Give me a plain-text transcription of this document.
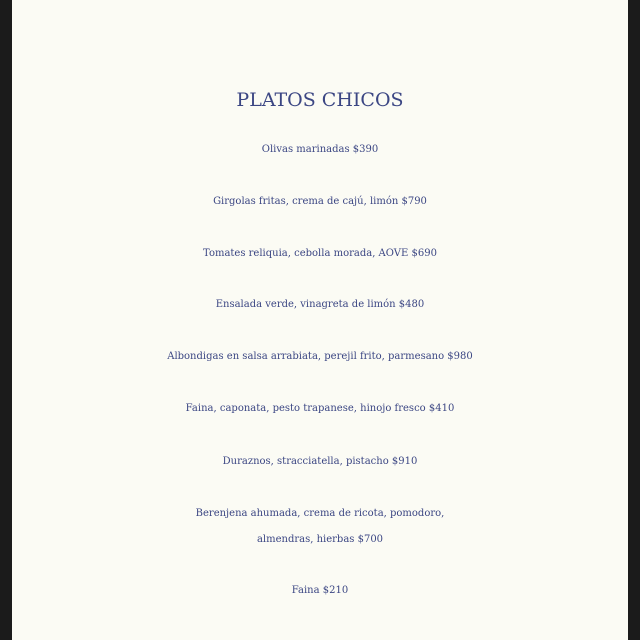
PLATOS CHICOS
Olivas marinadas $390
Girgolas fritas, crema de cajú, limón $790
Tomates reliquia, cebolla morada, AOVE $690
Ensalada verde, vinagreta de limón $480
Albondigas en salsa arrabiata, perejil frito, parmesano $980
Faina, caponata, pesto trapanese, hinojo fresco $410
Duraznos, stracciatella, pistacho $910
Berenjena ahumada, crema de ricota, pomodoro,
almendras, hierbas $700
Faina $210
